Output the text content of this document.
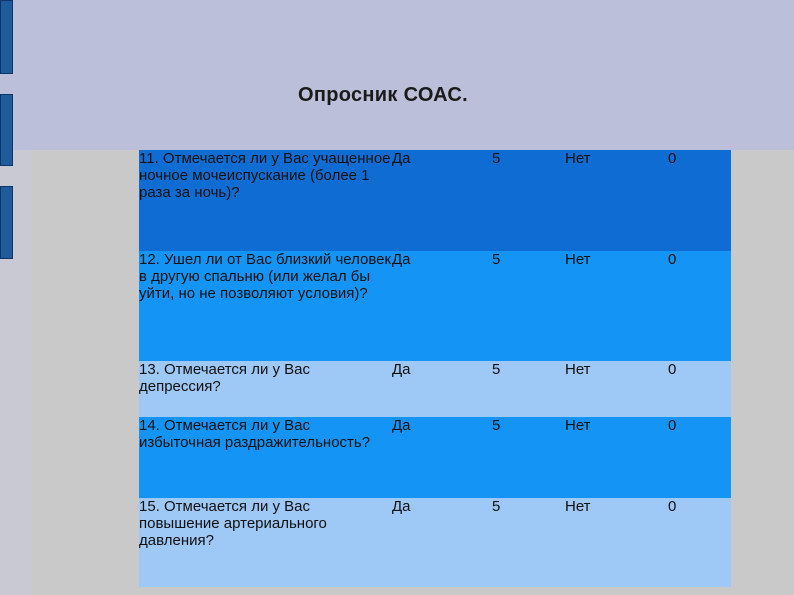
Опросник СОАС.
11. Отмечается ли у Вас учащенное ночное мочеиспускание (более 1 раза за ночь)?	Да	5	Нет	0
12. Ушел ли от Вас близкий человек в другую спальню (или желал бы уйти, но не позволяют условия)?	Да	5	Нет	0
13. Отмечается ли у Вас депрессия?	Да	5	Нет	0
14. Отмечается ли у Вас избыточная раздражительность?	Да	5	Нет	0
15. Отмечается ли у Вас повышение артериального давления?	Да	5	Нет	0
